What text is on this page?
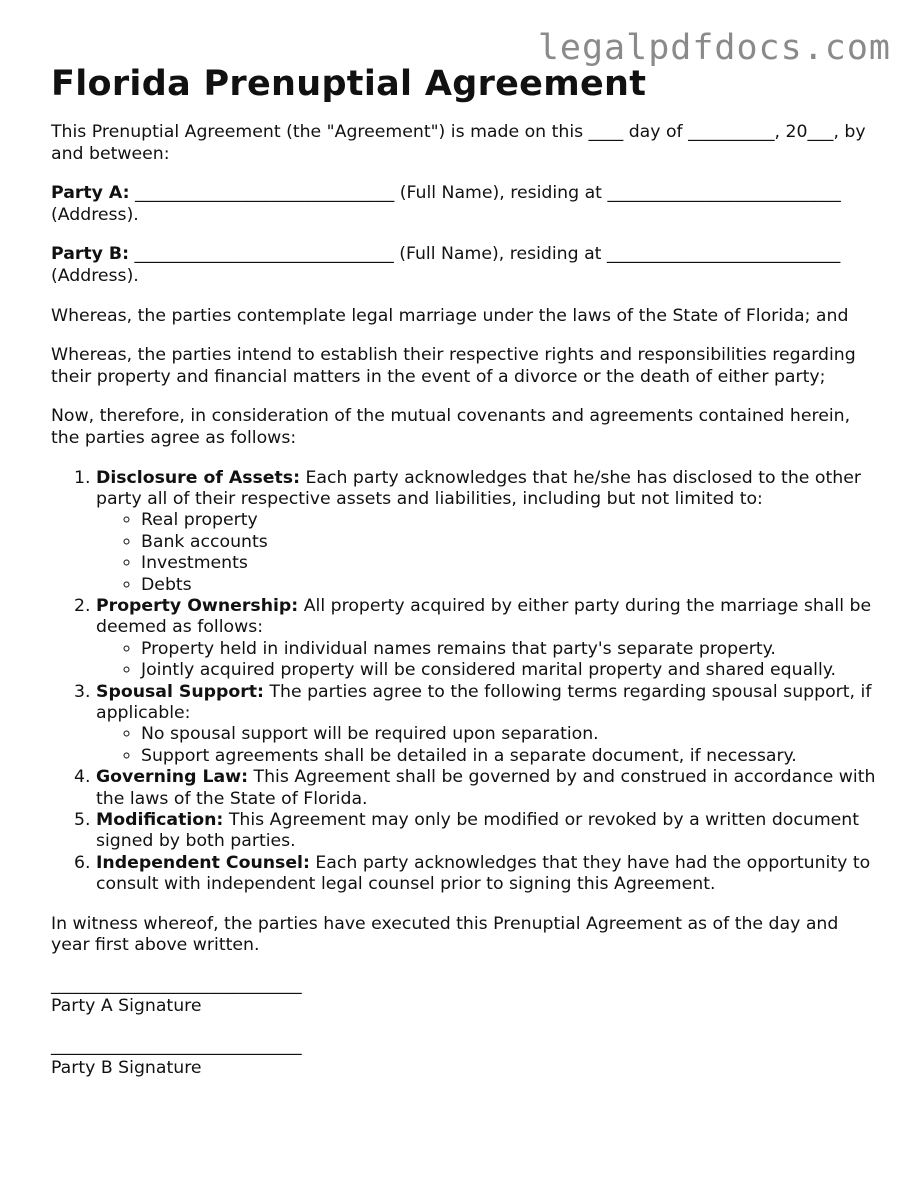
legalpdfdocs.com
Florida Prenuptial Agreement

This Prenuptial Agreement (the "Agreement") is made on this ____ day of __________, 20___, by and between:

Party A: ______________________________ (Full Name), residing at ___________________________ (Address).

Party B: ______________________________ (Full Name), residing at ___________________________ (Address).

Whereas, the parties contemplate legal marriage under the laws of the State of Florida; and

Whereas, the parties intend to establish their respective rights and responsibilities regarding their property and financial matters in the event of a divorce or the death of either party;

Now, therefore, in consideration of the mutual covenants and agreements contained herein, the parties agree as follows:

1. Disclosure of Assets: Each party acknowledges that he/she has disclosed to the other party all of their respective assets and liabilities, including but not limited to:
◦ Real property
◦ Bank accounts
◦ Investments
◦ Debts
2. Property Ownership: All property acquired by either party during the marriage shall be deemed as follows:
◦ Property held in individual names remains that party's separate property.
◦ Jointly acquired property will be considered marital property and shared equally.
3. Spousal Support: The parties agree to the following terms regarding spousal support, if applicable:
◦ No spousal support will be required upon separation.
◦ Support agreements shall be detailed in a separate document, if necessary.
4. Governing Law: This Agreement shall be governed by and construed in accordance with the laws of the State of Florida.
5. Modification: This Agreement may only be modified or revoked by a written document signed by both parties.
6. Independent Counsel: Each party acknowledges that they have had the opportunity to consult with independent legal counsel prior to signing this Agreement.

In witness whereof, the parties have executed this Prenuptial Agreement as of the day and year first above written.

_____________________________
Party A Signature
_____________________________
Party B Signature
